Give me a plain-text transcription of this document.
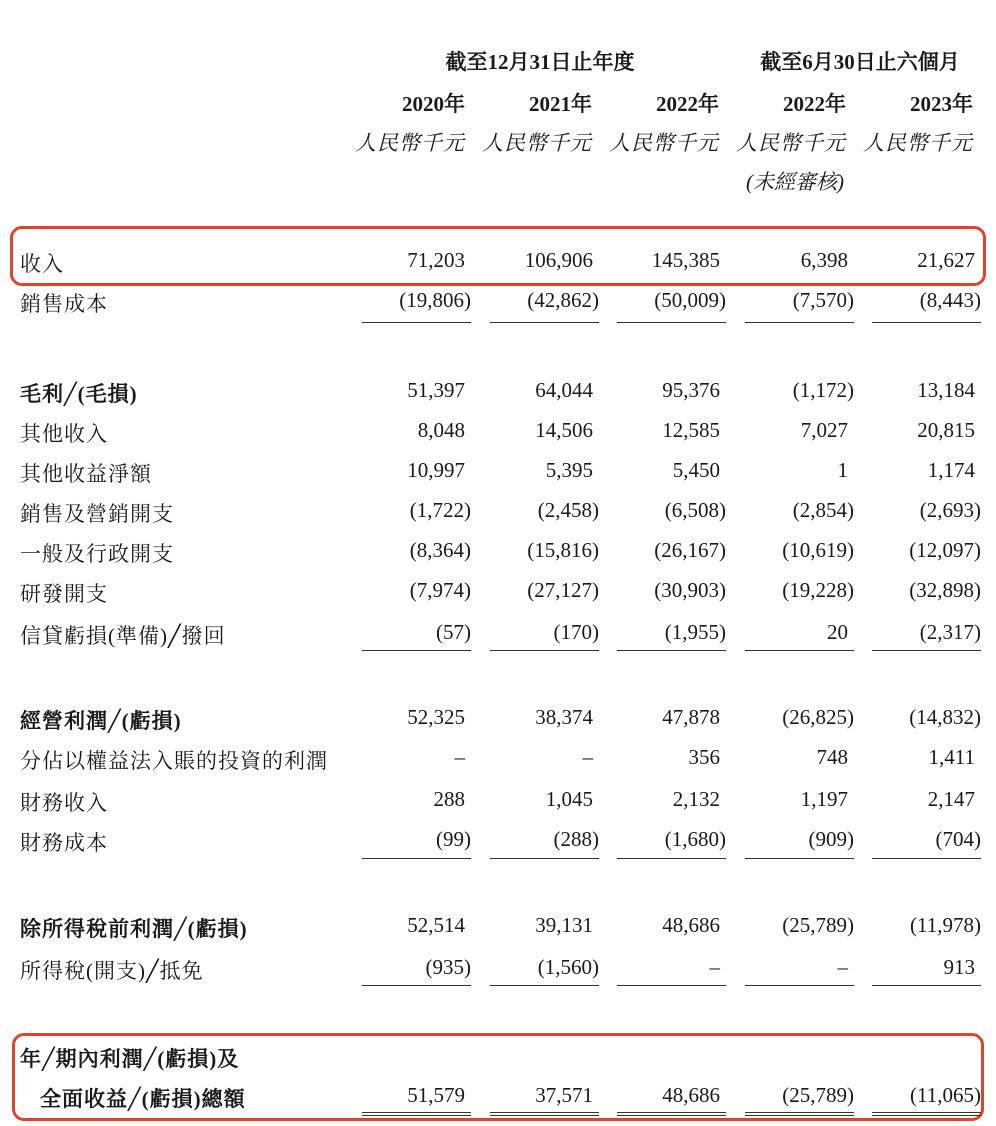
截至12月31日止年度	截至6月30日止六個月
2020年	2021年	2022年	2022年	2023年
人民幣千元 人民幣千元 人民幣千元 人民幣千元 人民幣千元
(未經審核)
收入	71,203	106,906	145,385	6,398	21,627
銷售成本	(19,806)	(42,862)	(50,009)	(7,570)	(8,443)
毛利╱(毛損)	51,397	64,044	95,376	(1,172)	13,184
其他收入	8,048	14,506	12,585	7,027	20,815
其他收益淨額	10,997	5,395	5,450	1	1,174
銷售及營銷開支	(1,722)	(2,458)	(6,508)	(2,854)	(2,693)
一般及行政開支	(8,364)	(15,816)	(26,167)	(10,619)	(12,097)
研發開支	(7,974)	(27,127)	(30,903)	(19,228)	(32,898)
信貸虧損(準備)╱撥回	(57)	(170)	(1,955)	20	(2,317)
經營利潤╱(虧損)	52,325	38,374	47,878	(26,825)	(14,832)
分佔以權益法入賬的投資的利潤	–	–	356	748	1,411
財務收入	288	1,045	2,132	1,197	2,147
財務成本	(99)	(288)	(1,680)	(909)	(704)
除所得稅前利潤╱(虧損)	52,514	39,131	48,686	(25,789)	(11,978)
所得稅(開支)╱抵免	(935)	(1,560)	–	–	913
年╱期內利潤╱(虧損)及
全面收益╱(虧損)總額	51,579	37,571	48,686	(25,789)	(11,065)
